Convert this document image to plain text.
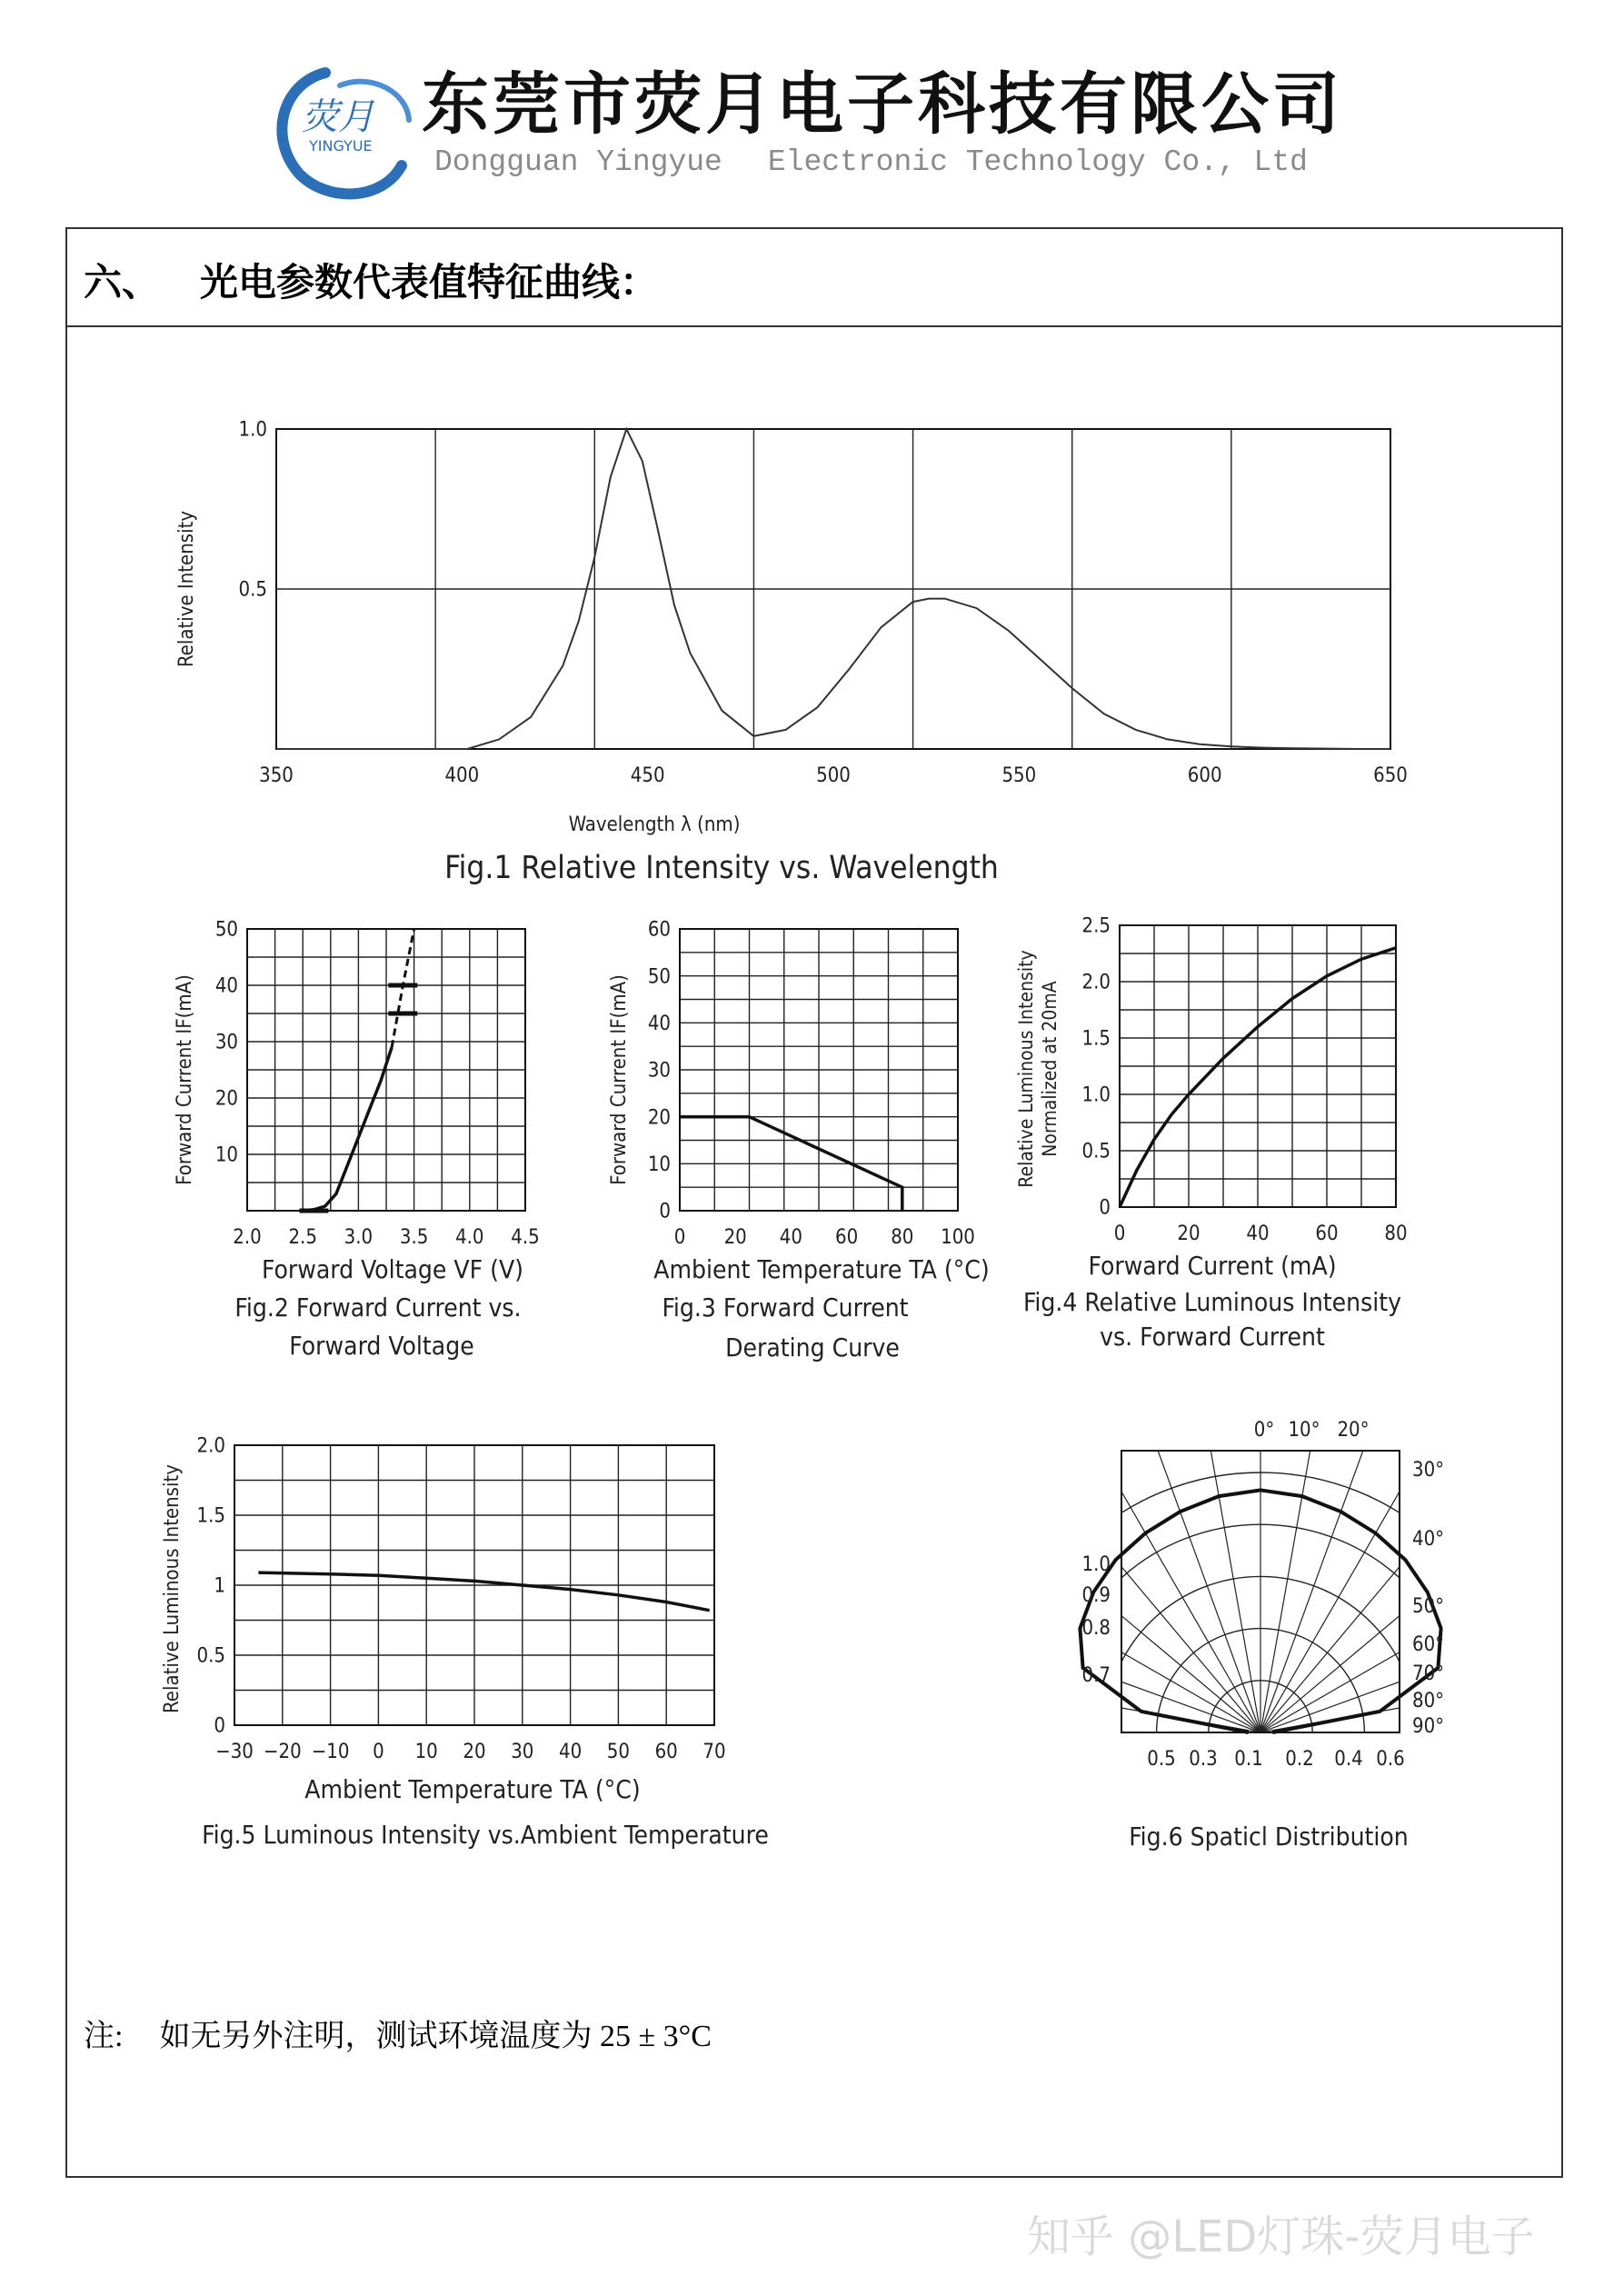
荧月
YINGYUE
东莞市荧月电子科技有限公司
Dongguan Yingyue Electronic Technology Co., Ltd
六、 光电参数代表值特征曲线：
注: 如无另外注明，测试环境温度为 25 ± 3°C
350	400	450	500	550	600	650
0.5
1.0
Relative Intensity
Wavelength λ (nm)
Fig.1 Relative Intensity vs. Wavelength
2.0 2.5 3.0 3.5 4.0 4.5
10
20
30
40
50
Forward Current IF(mA)
Forward Voltage VF (V)
Fig.2 Forward Current vs.
Forward Voltage
0 20 40 60 80 100
0
10
20
30
40
50
60
Forward Current IF(mA)
Ambient Temperature TA (°C)
Fig.3 Forward Current
Derating Curve
0	20 40 60 80
0
0.5
1.0
1.5
2.0
2.5
Relative Luminous Intensity Normalized at 20mA
Forward Current (mA)
Fig.4 Relative Luminous Intensity
vs. Forward Current
−30 −20 −10 0 10 20 30 40 50 60 70
0
0.5
1
1.5
2.0
Relative Luminous Intensity
Ambient Temperature TA (°C)
Fig.5 Luminous Intensity vs.Ambient Temperature
0° 10° 20°
30°
40°
50°
60°
70°
80°
90°
1.0
0.9
0.8
0.7
0.5 0.3 0.1 0.2 0.4 0.6
Fig.6 Spaticl Distribution
知乎 @LED灯珠-荧月电子
